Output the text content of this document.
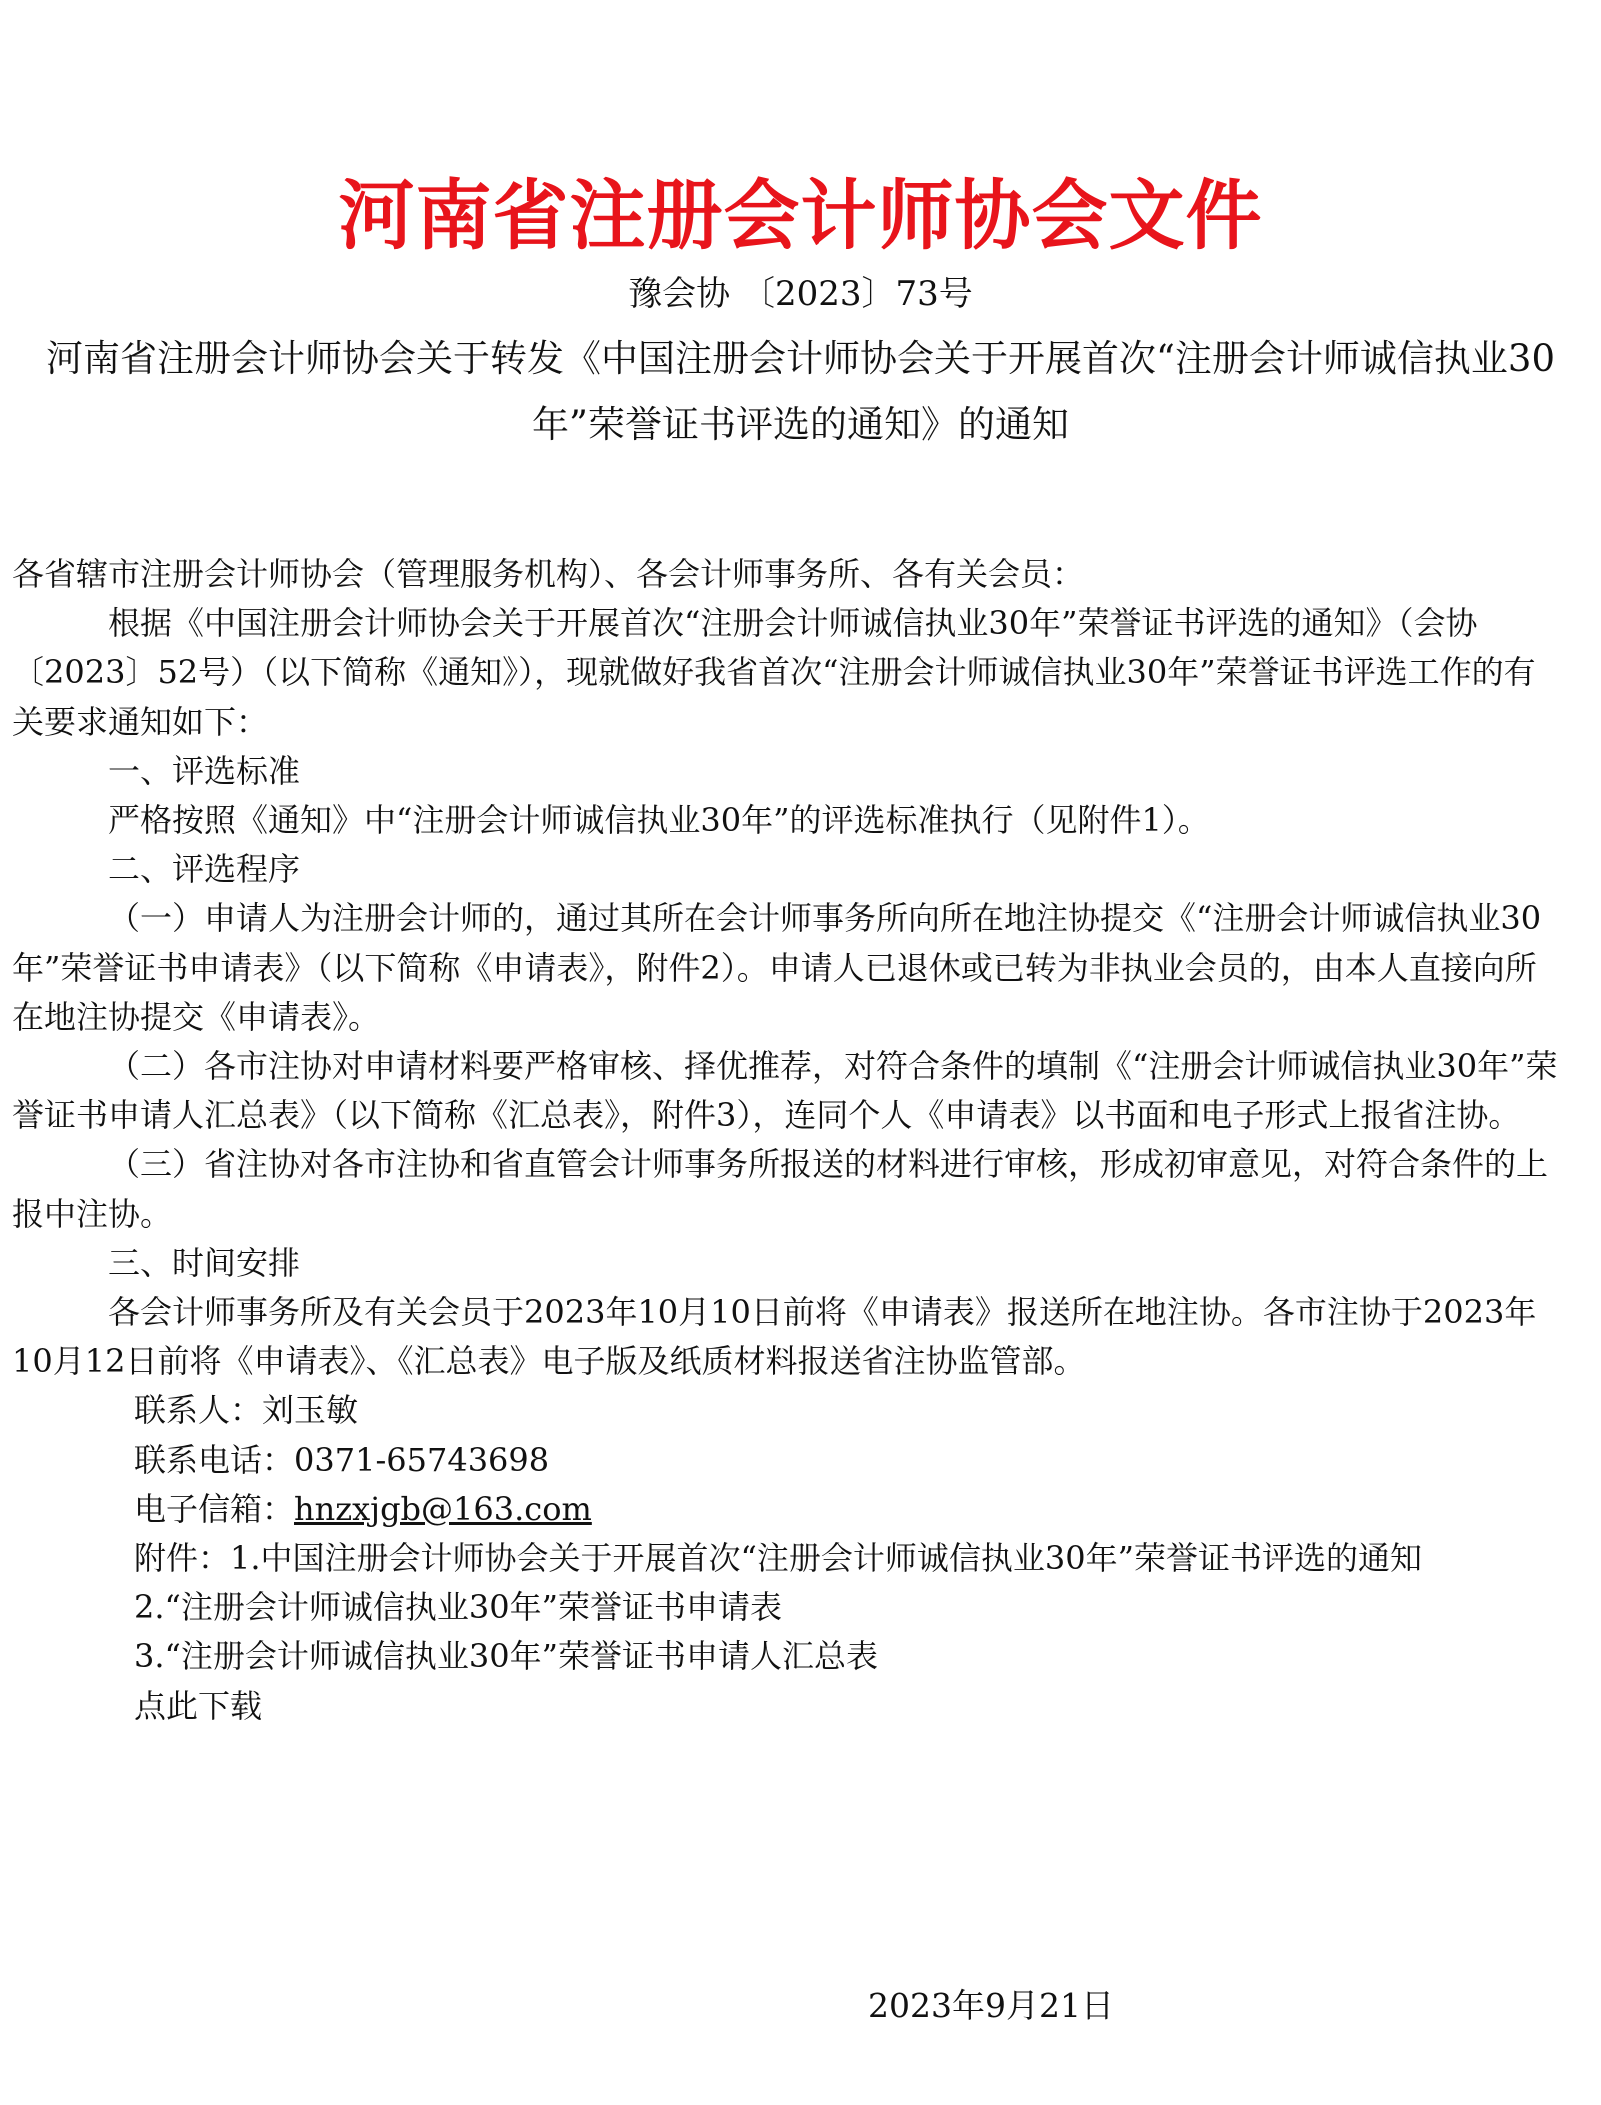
河南省注册会计师协会文件
豫会协 〔2023〕73号
河南省注册会计师协会关于转发《中国注册会计师协会关于开展首次“注册会计师诚信执业30年”荣誉证书评选的通知》的通知

各省辖市注册会计师协会（管理服务机构）、各会计师事务所、各有关会员：

根据《中国注册会计师协会关于开展首次“注册会计师诚信执业30年”荣誉证书评选的通知》（会协〔2023〕52号）（以下简称《通知》），现就做好我省首次“注册会计师诚信执业30年”荣誉证书评选工作的有关要求通知如下：

一、评选标准

严格按照《通知》中“注册会计师诚信执业30年”的评选标准执行（见附件1）。

二、评选程序

（一）申请人为注册会计师的，通过其所在会计师事务所向所在地注协提交《“注册会计师诚信执业30年”荣誉证书申请表》（以下简称《申请表》，附件2）。申请人已退休或已转为非执业会员的，由本人直接向所在地注协提交《申请表》。

（二）各市注协对申请材料要严格审核、择优推荐，对符合条件的填制《“注册会计师诚信执业30年”荣誉证书申请人汇总表》（以下简称《汇总表》，附件3），连同个人《申请表》以书面和电子形式上报省注协。

（三）省注协对各市注协和省直管会计师事务所报送的材料进行审核，形成初审意见，对符合条件的上报中注协。

三、时间安排

各会计师事务所及有关会员于2023年10月10日前将《申请表》报送所在地注协。各市注协于2023年10月12日前将《申请表》、《汇总表》电子版及纸质材料报送省注协监管部。

联系人：刘玉敏

联系电话：0371-65743698

电子信箱：hnzxjgb@163.com

附件：1.中国注册会计师协会关于开展首次“注册会计师诚信执业30年”荣誉证书评选的通知

2.“注册会计师诚信执业30年”荣誉证书申请表

3.“注册会计师诚信执业30年”荣誉证书申请人汇总表

点此下载

2023年9月21日
